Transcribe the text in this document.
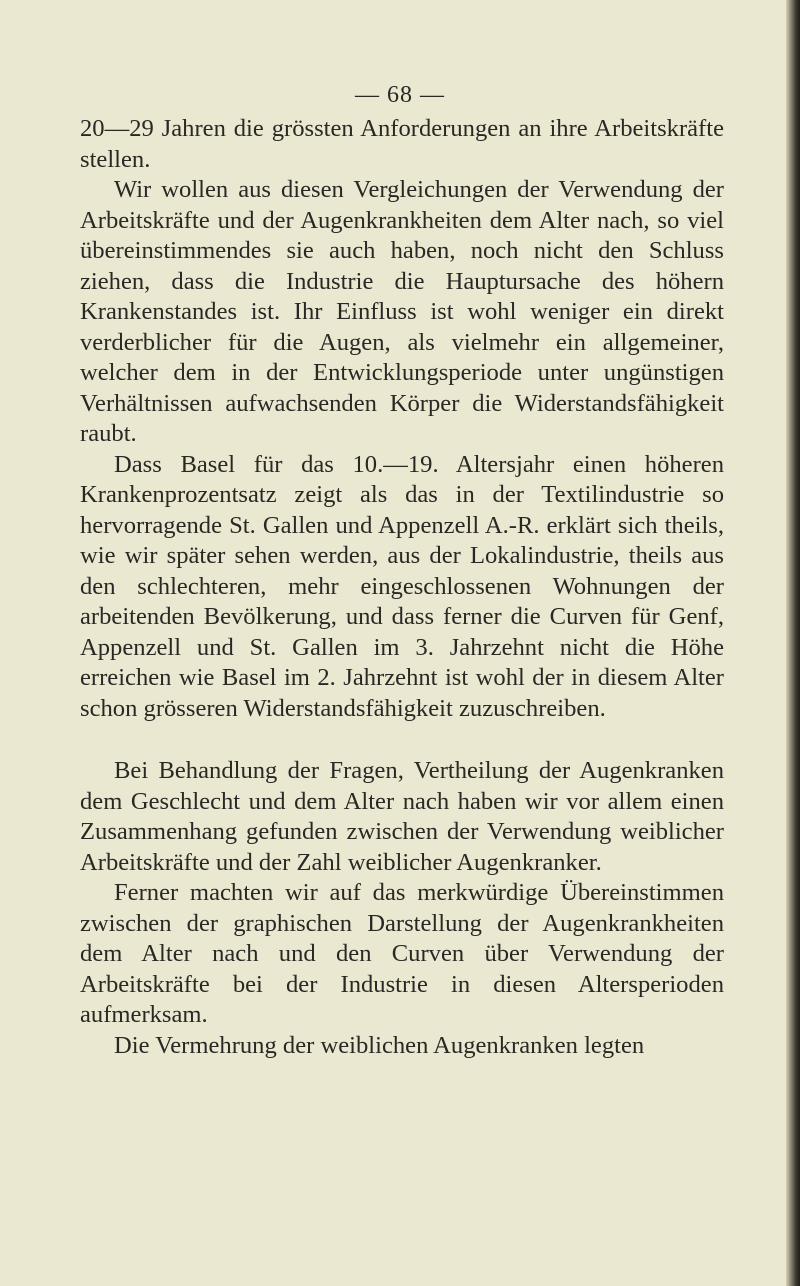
— 68 —

20—29 Jahren die grössten Anforderungen an ihre Arbeitskräfte stellen.

Wir wollen aus diesen Vergleichungen der Verwendung der Arbeitskräfte und der Augenkrankheiten dem Alter nach, so viel übereinstimmendes sie auch haben, noch nicht den Schluss ziehen, dass die Industrie die Hauptursache des höhern Krankenstandes ist. Ihr Einfluss ist wohl weniger ein direkt verderblicher für die Augen, als vielmehr ein allgemeiner, welcher dem in der Entwicklungsperiode unter ungünstigen Verhältnissen aufwachsenden Körper die Widerstandsfähigkeit raubt.

Dass Basel für das 10.—19. Altersjahr einen höheren Krankenprozentsatz zeigt als das in der Textilindustrie so hervorragende St. Gallen und Appenzell A.-R. erklärt sich theils, wie wir später sehen werden, aus der Lokalindustrie, theils aus den schlechteren, mehr eingeschlossenen Wohnungen der arbeitenden Bevölkerung, und dass ferner die Curven für Genf, Appenzell und St. Gallen im 3. Jahrzehnt nicht die Höhe erreichen wie Basel im 2. Jahrzehnt ist wohl der in diesem Alter schon grösseren Widerstandsfähigkeit zuzuschreiben.

Bei Behandlung der Fragen, Vertheilung der Augenkranken dem Geschlecht und dem Alter nach haben wir vor allem einen Zusammenhang gefunden zwischen der Verwendung weiblicher Arbeitskräfte und der Zahl weiblicher Augenkranker.

Ferner machten wir auf das merkwürdige Übereinstimmen zwischen der graphischen Darstellung der Augenkrankheiten dem Alter nach und den Curven über Verwendung der Arbeitskräfte bei der Industrie in diesen Altersperioden aufmerksam.

Die Vermehrung der weiblichen Augenkranken legten
